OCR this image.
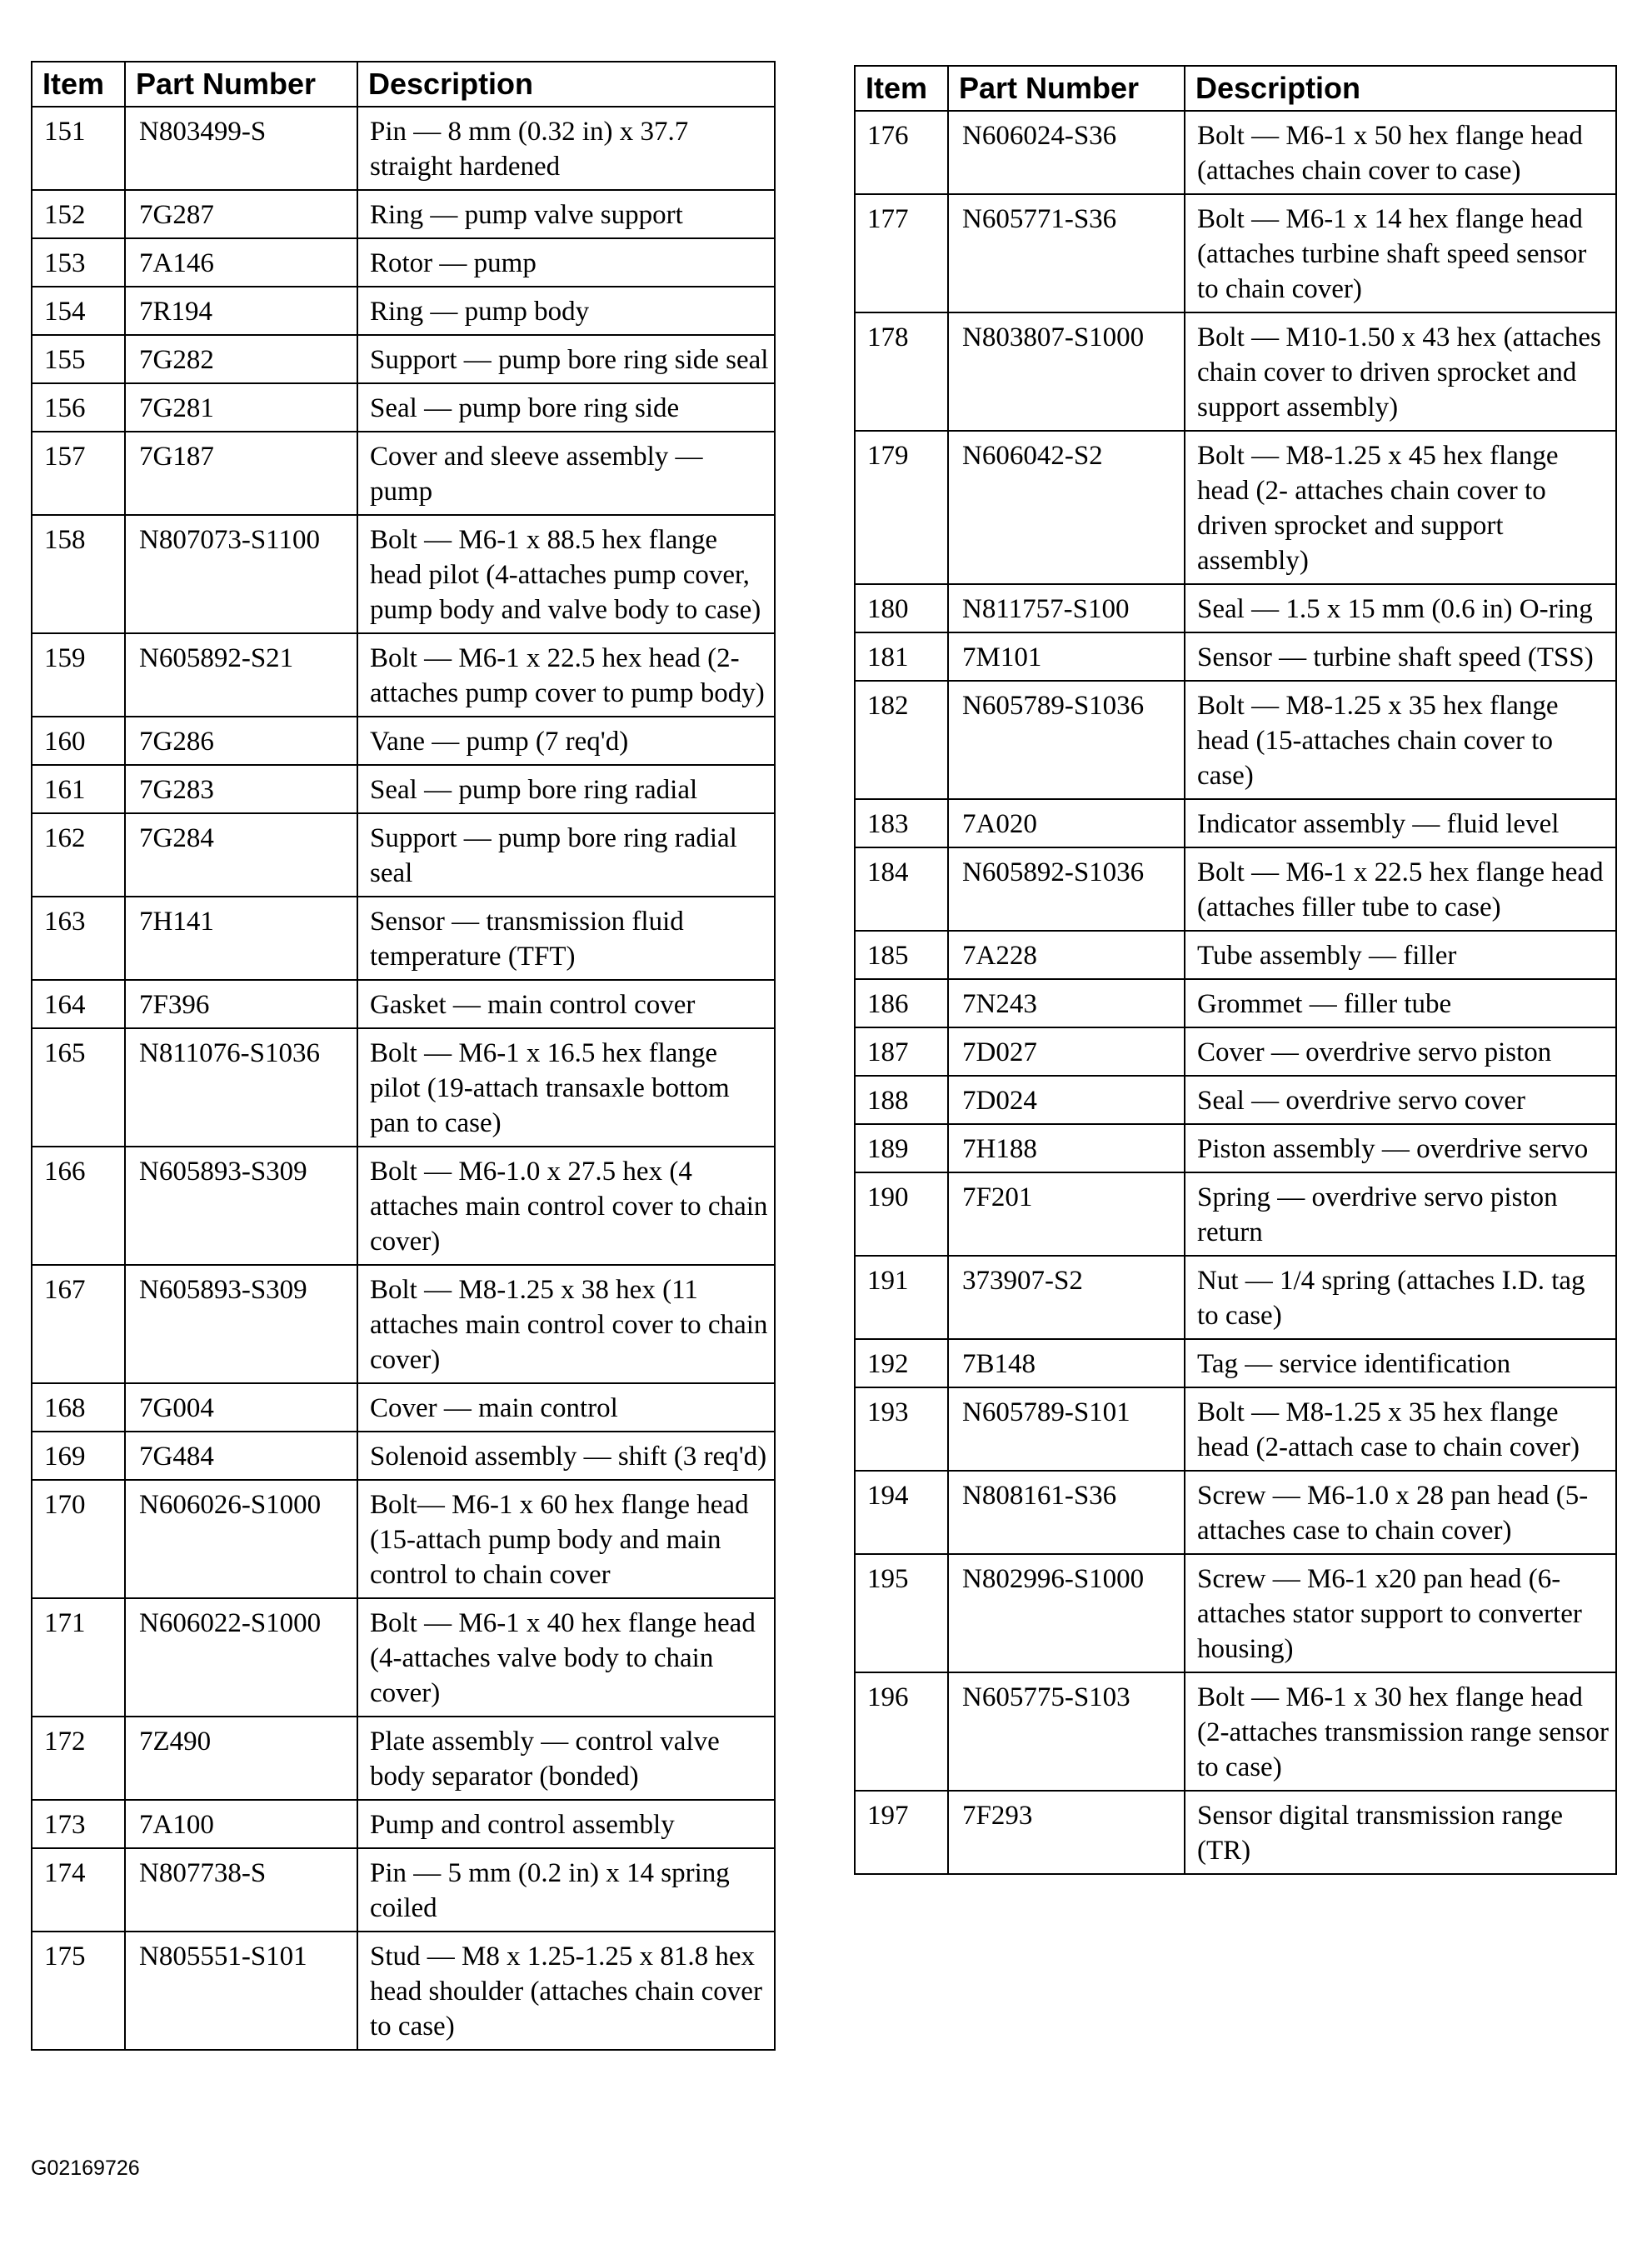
Item	Part Number	Description
151	N803499-S	Pin — 8 mm (0.32 in) x 37.7 straight hardened
152	7G287	Ring — pump valve support
153	7A146	Rotor — pump
154	7R194	Ring — pump body
155	7G282	Support — pump bore ring side seal
156	7G281	Seal — pump bore ring side
157	7G187	Cover and sleeve assembly — pump
158	N807073-S1100	Bolt — M6-1 x 88.5 hex flange head pilot (4-attaches pump cover, pump body and valve body to case)
159	N605892-S21	Bolt — M6-1 x 22.5 hex head (2-attaches pump cover to pump body)
160	7G286	Vane — pump (7 req'd)
161	7G283	Seal — pump bore ring radial
162	7G284	Support — pump bore ring radial seal
163	7H141	Sensor — transmission fluid temperature (TFT)
164	7F396	Gasket — main control cover
165	N811076-S1036	Bolt — M6-1 x 16.5 hex flange pilot (19-attach transaxle bottom pan to case)
166	N605893-S309	Bolt — M6-1.0 x 27.5 hex (4 attaches main control cover to chain cover)
167	N605893-S309	Bolt — M8-1.25 x 38 hex (11 attaches main control cover to chain cover)
168	7G004	Cover — main control
169	7G484	Solenoid assembly — shift (3 req'd)
170	N606026-S1000	Bolt— M6-1 x 60 hex flange head (15-attach pump body and main control to chain cover
171	N606022-S1000	Bolt — M6-1 x 40 hex flange head (4-attaches valve body to chain cover)
172	7Z490	Plate assembly — control valve body separator (bonded)
173	7A100	Pump and control assembly
174	N807738-S	Pin — 5 mm (0.2 in) x 14 spring coiled
175	N805551-S101	Stud — M8 x 1.25-1.25 x 81.8 hex head shoulder (attaches chain cover to case)
Item	Part Number	Description
176	N606024-S36	Bolt — M6-1 x 50 hex flange head (attaches chain cover to case)
177	N605771-S36	Bolt — M6-1 x 14 hex flange head (attaches turbine shaft speed sensor to chain cover)
178	N803807-S1000	Bolt — M10-1.50 x 43 hex (attaches chain cover to driven sprocket and support assembly)
179	N606042-S2	Bolt — M8-1.25 x 45 hex flange head (2- attaches chain cover to driven sprocket and support assembly)
180	N811757-S100	Seal — 1.5 x 15 mm (0.6 in) O-ring
181	7M101	Sensor — turbine shaft speed (TSS)
182	N605789-S1036	Bolt — M8-1.25 x 35 hex flange head (15-attaches chain cover to case)
183	7A020	Indicator assembly — fluid level
184	N605892-S1036	Bolt — M6-1 x 22.5 hex flange head (attaches filler tube to case)
185	7A228	Tube assembly — filler
186	7N243	Grommet — filler tube
187	7D027	Cover — overdrive servo piston
188	7D024	Seal — overdrive servo cover
189	7H188	Piston assembly — overdrive servo
190	7F201	Spring — overdrive servo piston return
191	373907-S2	Nut — 1/4 spring (attaches I.D. tag to case)
192	7B148	Tag — service identification
193	N605789-S101	Bolt — M8-1.25 x 35 hex flange head (2-attach case to chain cover)
194	N808161-S36	Screw — M6-1.0 x 28 pan head (5-attaches case to chain cover)
195	N802996-S1000	Screw — M6-1 x20 pan head (6-attaches stator support to converter housing)
196	N605775-S103	Bolt — M6-1 x 30 hex flange head (2-attaches transmission range sensor to case)
197	7F293	Sensor digital transmission range (TR)
G02169726
